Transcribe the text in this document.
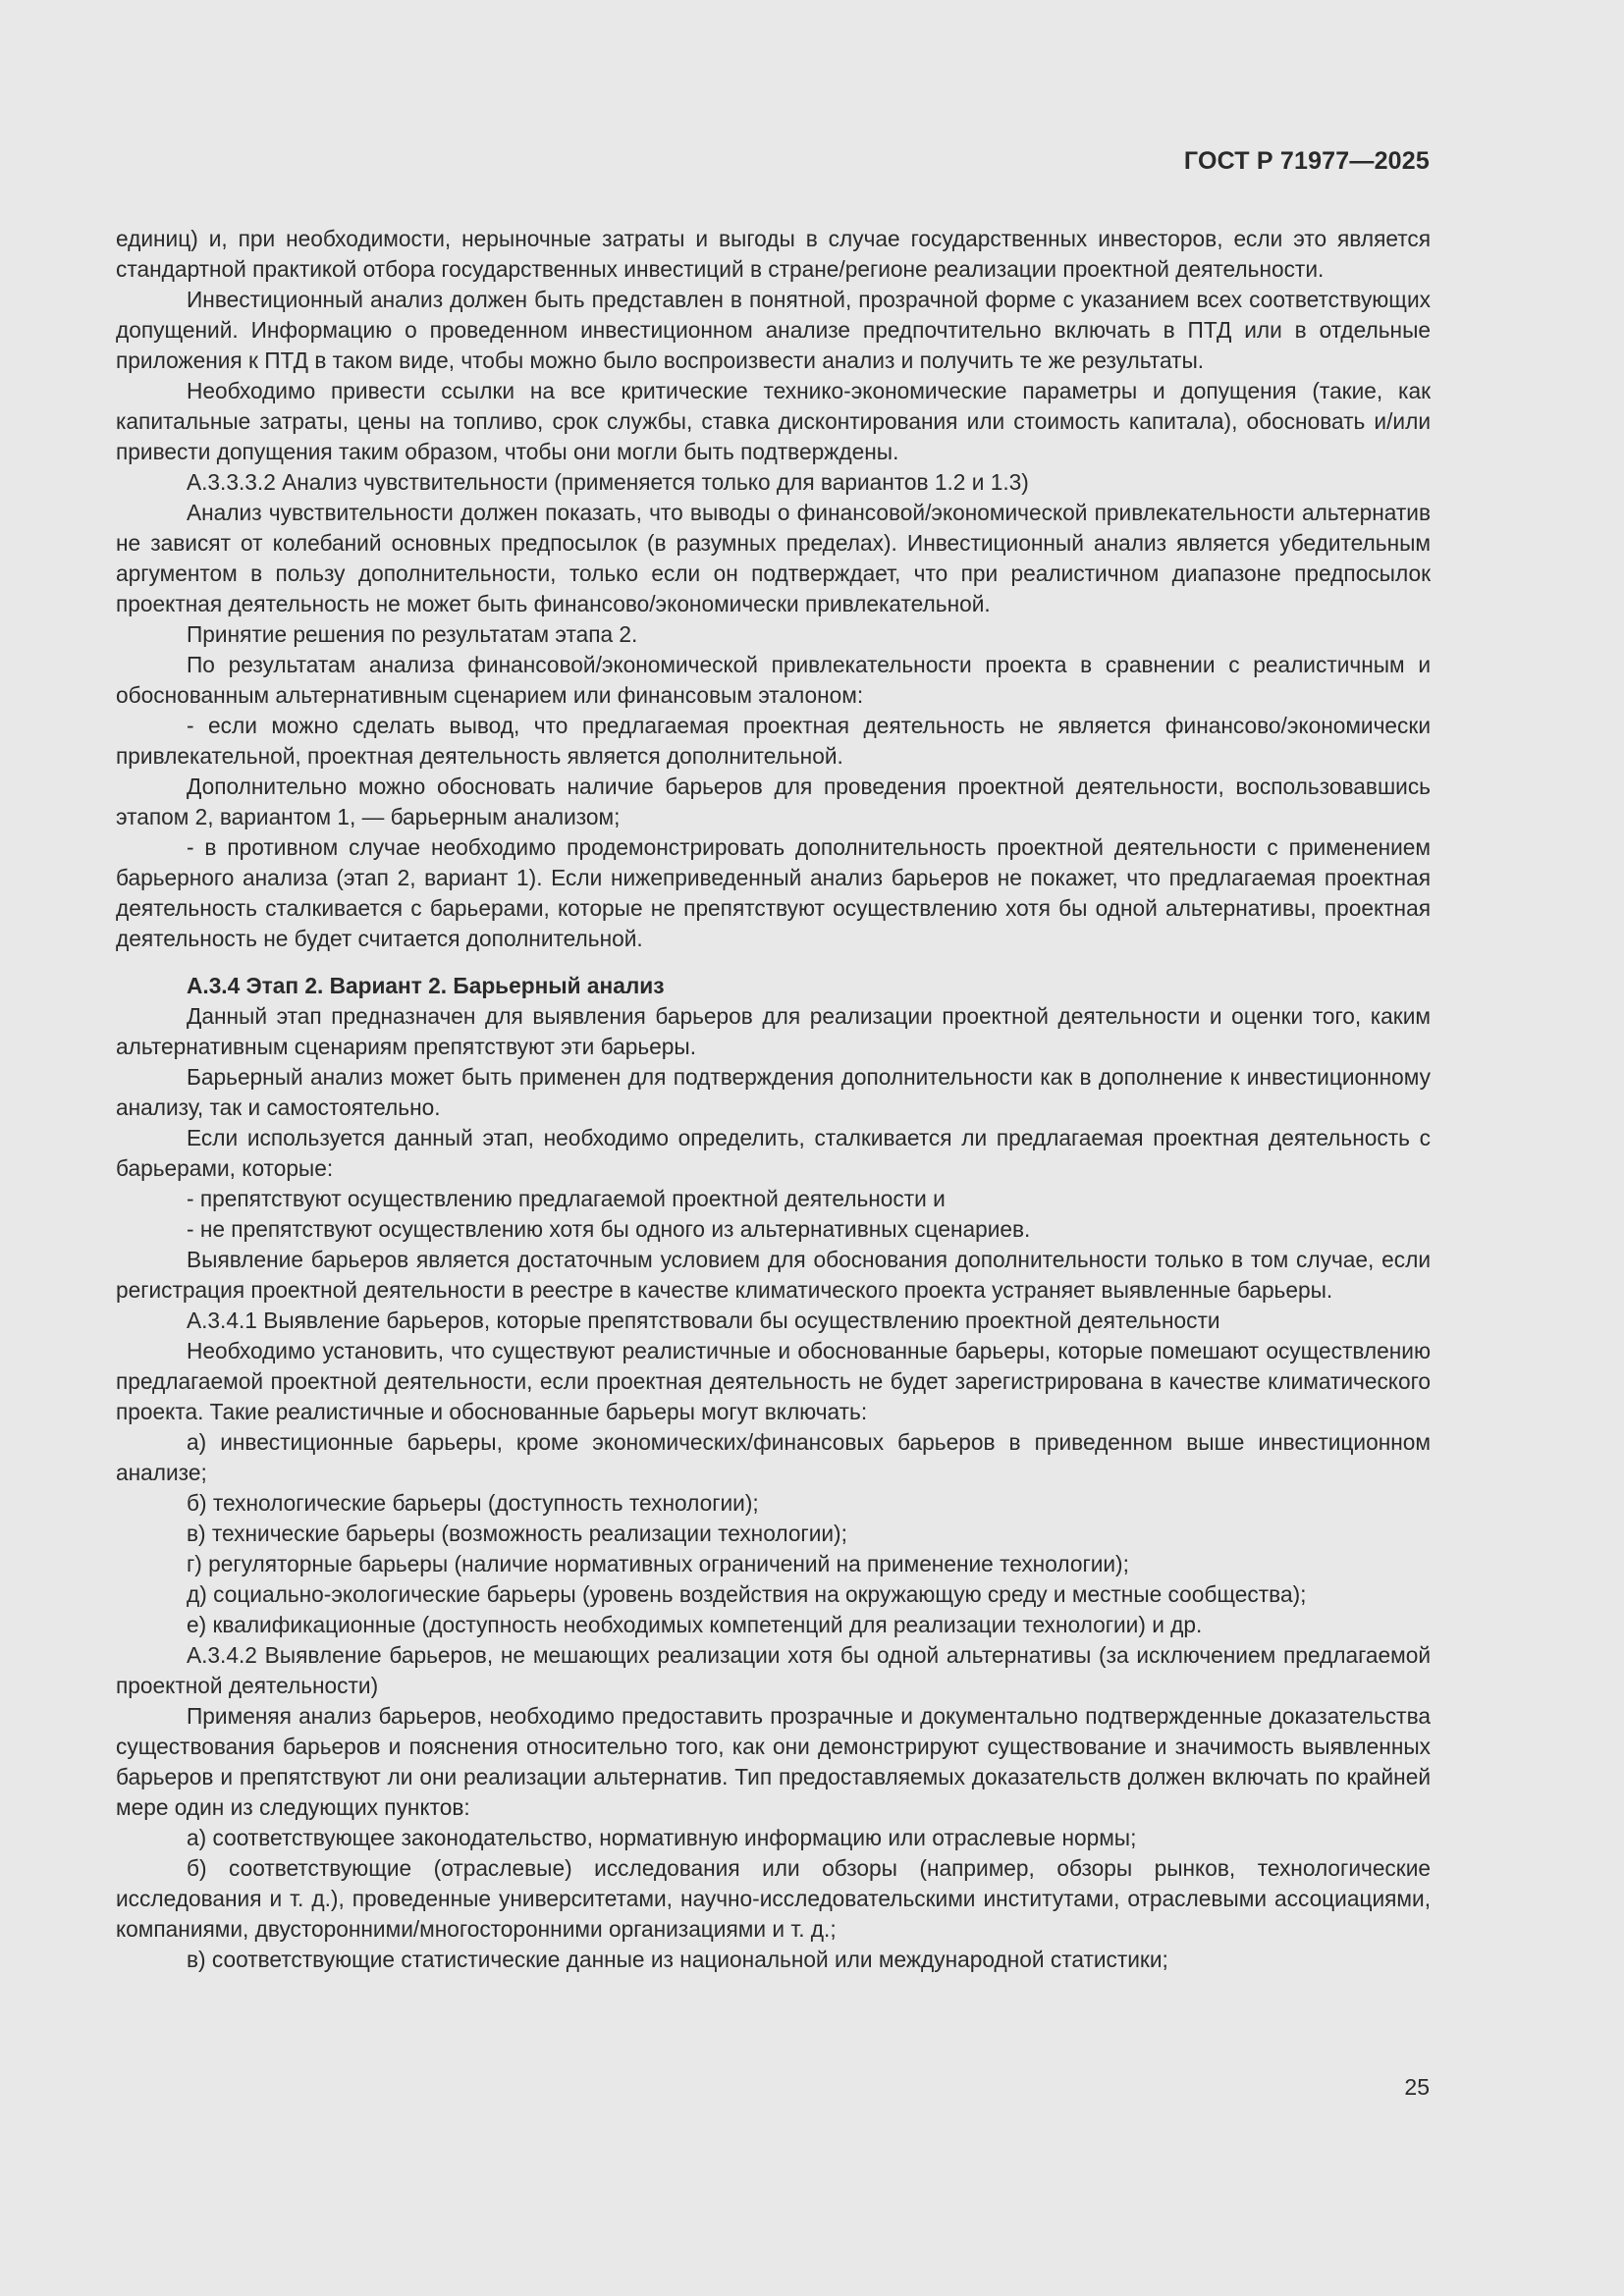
ГОСТ Р 71977—2025

единиц) и, при необходимости, нерыночные затраты и выгоды в случае государственных инвесторов, если это является стандартной практикой отбора государственных инвестиций в стране/регионе реализации проектной деятельности.

Инвестиционный анализ должен быть представлен в понятной, прозрачной форме с указанием всех соответствующих допущений. Информацию о проведенном инвестиционном анализе предпочтительно включать в ПТД или в отдельные приложения к ПТД в таком виде, чтобы можно было воспроизвести анализ и получить те же результаты.

Необходимо привести ссылки на все критические технико-экономические параметры и допущения (такие, как капитальные затраты, цены на топливо, срок службы, ставка дисконтирования или стоимость капитала), обосновать и/или привести допущения таким образом, чтобы они могли быть подтверждены.

А.3.3.3.2 Анализ чувствительности (применяется только для вариантов 1.2 и 1.3)

Анализ чувствительности должен показать, что выводы о финансовой/экономической привлекательности альтернатив не зависят от колебаний основных предпосылок (в разумных пределах). Инвестиционный анализ является убедительным аргументом в пользу дополнительности, только если он подтверждает, что при реалистичном диапазоне предпосылок проектная деятельность не может быть финансово/экономически привлекательной.

Принятие решения по результатам этапа 2.

По результатам анализа финансовой/экономической привлекательности проекта в сравнении с реалистичным и обоснованным альтернативным сценарием или финансовым эталоном:

- если можно сделать вывод, что предлагаемая проектная деятельность не является финансово/экономически привлекательной, проектная деятельность является дополнительной.

Дополнительно можно обосновать наличие барьеров для проведения проектной деятельности, воспользовавшись этапом 2, вариантом 1, — барьерным анализом;

- в противном случае необходимо продемонстрировать дополнительность проектной деятельности с применением барьерного анализа (этап 2, вариант 1). Если нижеприведенный анализ барьеров не покажет, что предлагаемая проектная деятельность сталкивается с барьерами, которые не препятствуют осуществлению хотя бы одной альтернативы, проектная деятельность не будет считается дополнительной.

А.3.4 Этап 2. Вариант 2. Барьерный анализ

Данный этап предназначен для выявления барьеров для реализации проектной деятельности и оценки того, каким альтернативным сценариям препятствуют эти барьеры.

Барьерный анализ может быть применен для подтверждения дополнительности как в дополнение к инвестиционному анализу, так и самостоятельно.

Если используется данный этап, необходимо определить, сталкивается ли предлагаемая проектная деятельность с барьерами, которые:

- препятствуют осуществлению предлагаемой проектной деятельности и

- не препятствуют осуществлению хотя бы одного из альтернативных сценариев.

Выявление барьеров является достаточным условием для обоснования дополнительности только в том случае, если регистрация проектной деятельности в реестре в качестве климатического проекта устраняет выявленные барьеры.

А.3.4.1 Выявление барьеров, которые препятствовали бы осуществлению проектной деятельности

Необходимо установить, что существуют реалистичные и обоснованные барьеры, которые помешают осуществлению предлагаемой проектной деятельности, если проектная деятельность не будет зарегистрирована в качестве климатического проекта. Такие реалистичные и обоснованные барьеры могут включать:

а) инвестиционные барьеры, кроме экономических/финансовых барьеров в приведенном выше инвестиционном анализе;

б) технологические барьеры (доступность технологии);

в) технические барьеры (возможность реализации технологии);

г) регуляторные барьеры (наличие нормативных ограничений на применение технологии);

д) социально-экологические барьеры (уровень воздействия на окружающую среду и местные сообщества);

е) квалификационные (доступность необходимых компетенций для реализации технологии) и др.

А.3.4.2 Выявление барьеров, не мешающих реализации хотя бы одной альтернативы (за исключением предлагаемой проектной деятельности)

Применяя анализ барьеров, необходимо предоставить прозрачные и документально подтвержденные доказательства существования барьеров и пояснения относительно того, как они демонстрируют существование и значимость выявленных барьеров и препятствуют ли они реализации альтернатив. Тип предоставляемых доказательств должен включать по крайней мере один из следующих пунктов:

а) соответствующее законодательство, нормативную информацию или отраслевые нормы;

б) соответствующие (отраслевые) исследования или обзоры (например, обзоры рынков, технологические исследования и т. д.), проведенные университетами, научно-исследовательскими институтами, отраслевыми ассоциациями, компаниями, двусторонними/многосторонними организациями и т. д.;

в) соответствующие статистические данные из национальной или международной статистики;

25
